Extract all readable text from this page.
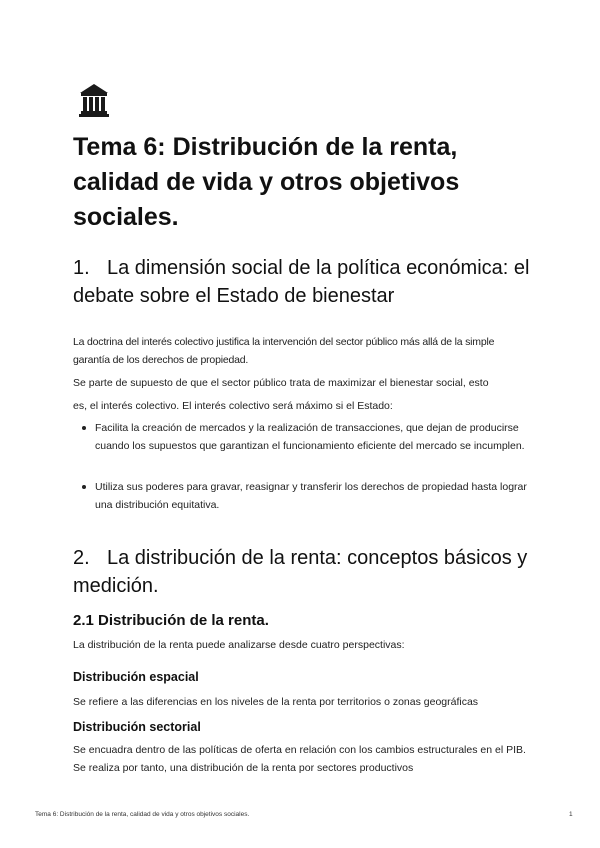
Tema 6: Distribución de la renta, calidad de vida y otros objetivos sociales.
1. La dimensión social de la política económica: el debate sobre el Estado de bienestar

La doctrina del interés colectivo justifica la intervención del sector público más allá de la simple garantía de los derechos de propiedad.

Se parte de supuesto de que el sector público trata de maximizar el bienestar social, esto

es, el interés colectivo. El interés colectivo será máximo si el Estado:

Facilita la creación de mercados y la realización de transacciones, que dejan de producirse cuando los supuestos que garantizan el funcionamiento eficiente del mercado se incumplen.
Utiliza sus poderes para gravar, reasignar y transferir los derechos de propiedad hasta lograr una distribución equitativa.
2. La distribución de la renta: conceptos básicos y medición.
2.1 Distribución de la renta.

La distribución de la renta puede analizarse desde cuatro perspectivas:

Distribución espacial

Se refiere a las diferencias en los niveles de la renta por territorios o zonas geográficas

Distribución sectorial

Se encuadra dentro de las políticas de oferta en relación con los cambios estructurales en el PIB. Se realiza por tanto, una distribución de la renta por sectores productivos

Tema 6: Distribución de la renta, calidad de vida y otros objetivos sociales.	1
